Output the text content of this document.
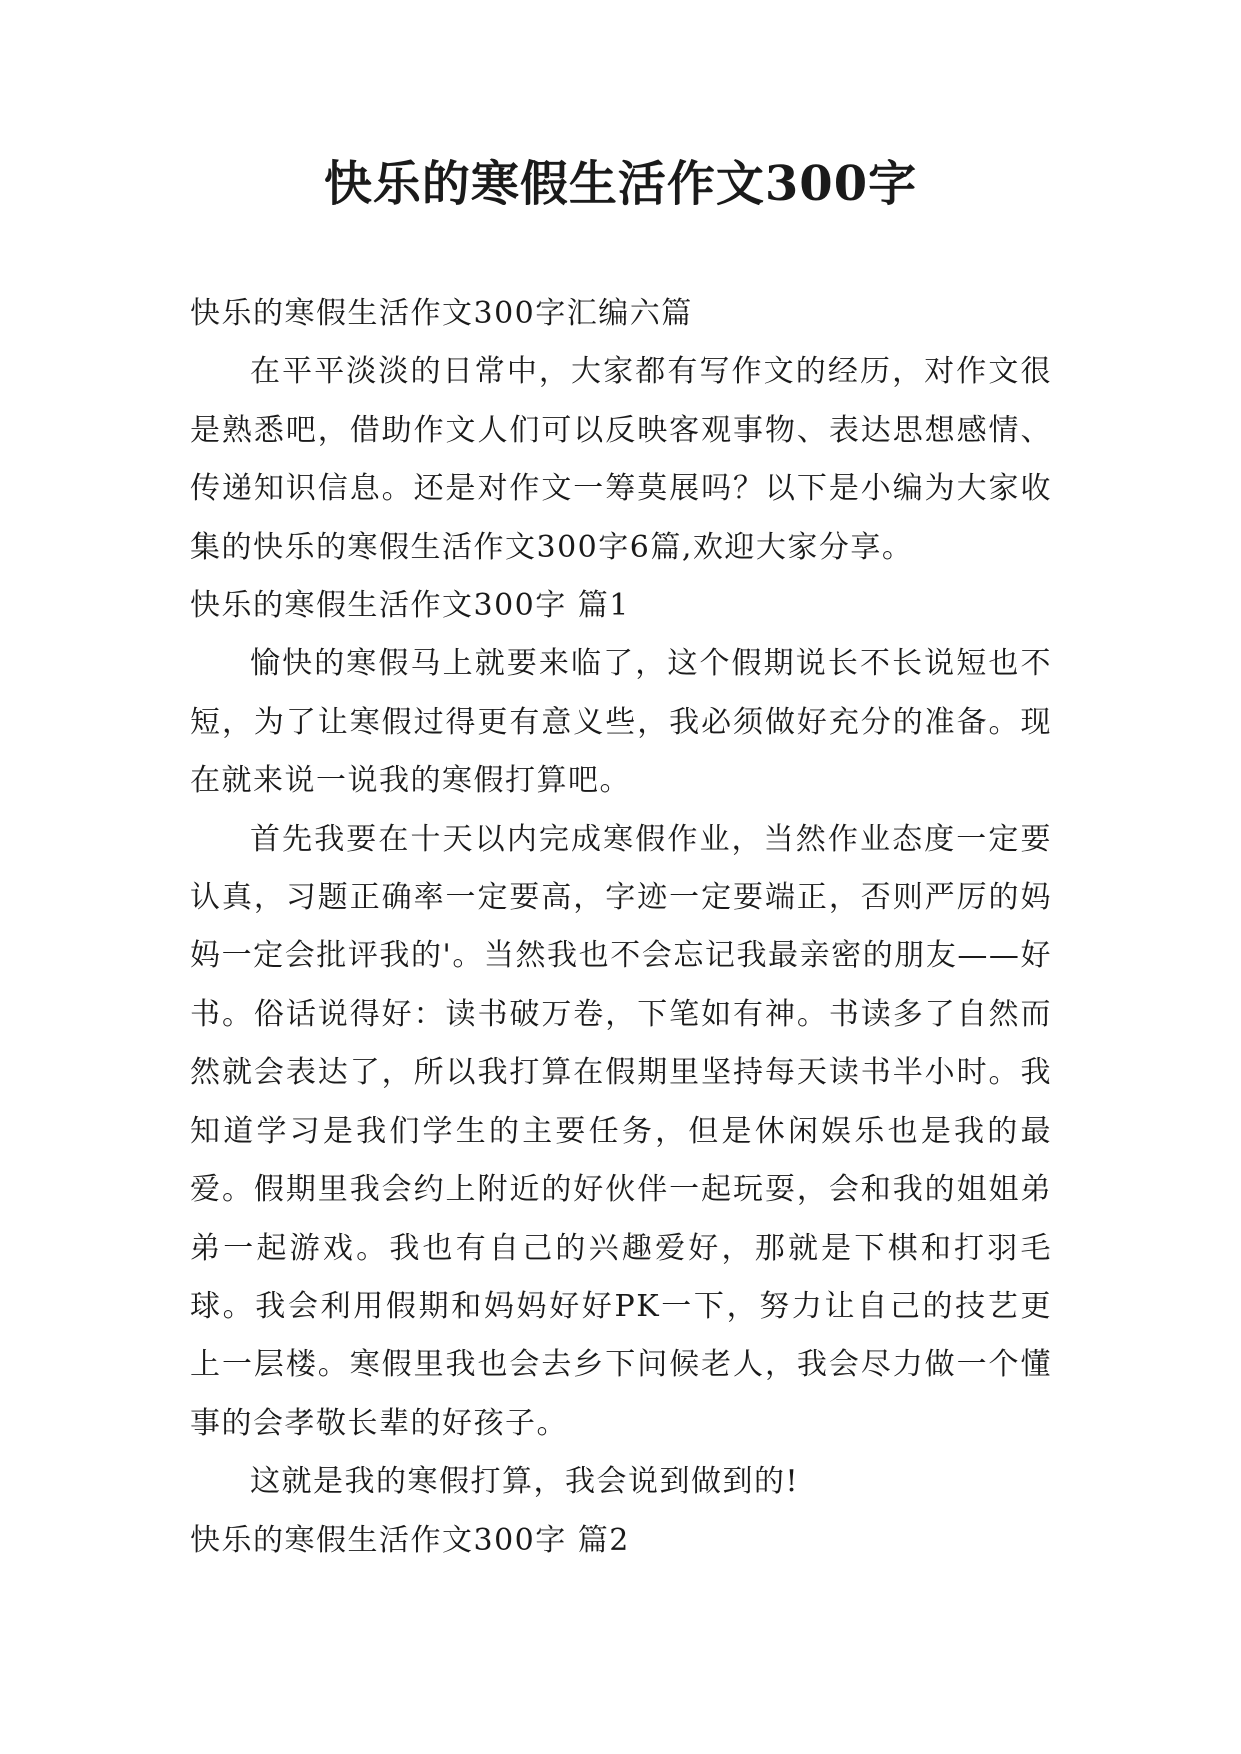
快乐的寒假生活作文300字

快乐的寒假生活作文300字汇编六篇

在平平淡淡的日常中，大家都有写作文的经历，对作文很是熟悉吧，借助作文人们可以反映客观事物、表达思想感情、传递知识信息。还是对作文一筹莫展吗？以下是小编为大家收集的快乐的寒假生活作文300字6篇,欢迎大家分享。

快乐的寒假生活作文300字 篇1

愉快的寒假马上就要来临了，这个假期说长不长说短也不短，为了让寒假过得更有意义些，我必须做好充分的准备。现在就来说一说我的寒假打算吧。

首先我要在十天以内完成寒假作业，当然作业态度一定要认真，习题正确率一定要高，字迹一定要端正，否则严厉的妈妈一定会批评我的'。当然我也不会忘记我最亲密的朋友——好书。俗话说得好：读书破万卷，下笔如有神。书读多了自然而然就会表达了，所以我打算在假期里坚持每天读书半小时。我知道学习是我们学生的主要任务，但是休闲娱乐也是我的最爱。假期里我会约上附近的好伙伴一起玩耍，会和我的姐姐弟弟一起游戏。我也有自己的兴趣爱好，那就是下棋和打羽毛球。我会利用假期和妈妈好好PK一下，努力让自己的技艺更上一层楼。寒假里我也会去乡下问候老人，我会尽力做一个懂事的会孝敬长辈的好孩子。

这就是我的寒假打算，我会说到做到的!

快乐的寒假生活作文300字 篇2
